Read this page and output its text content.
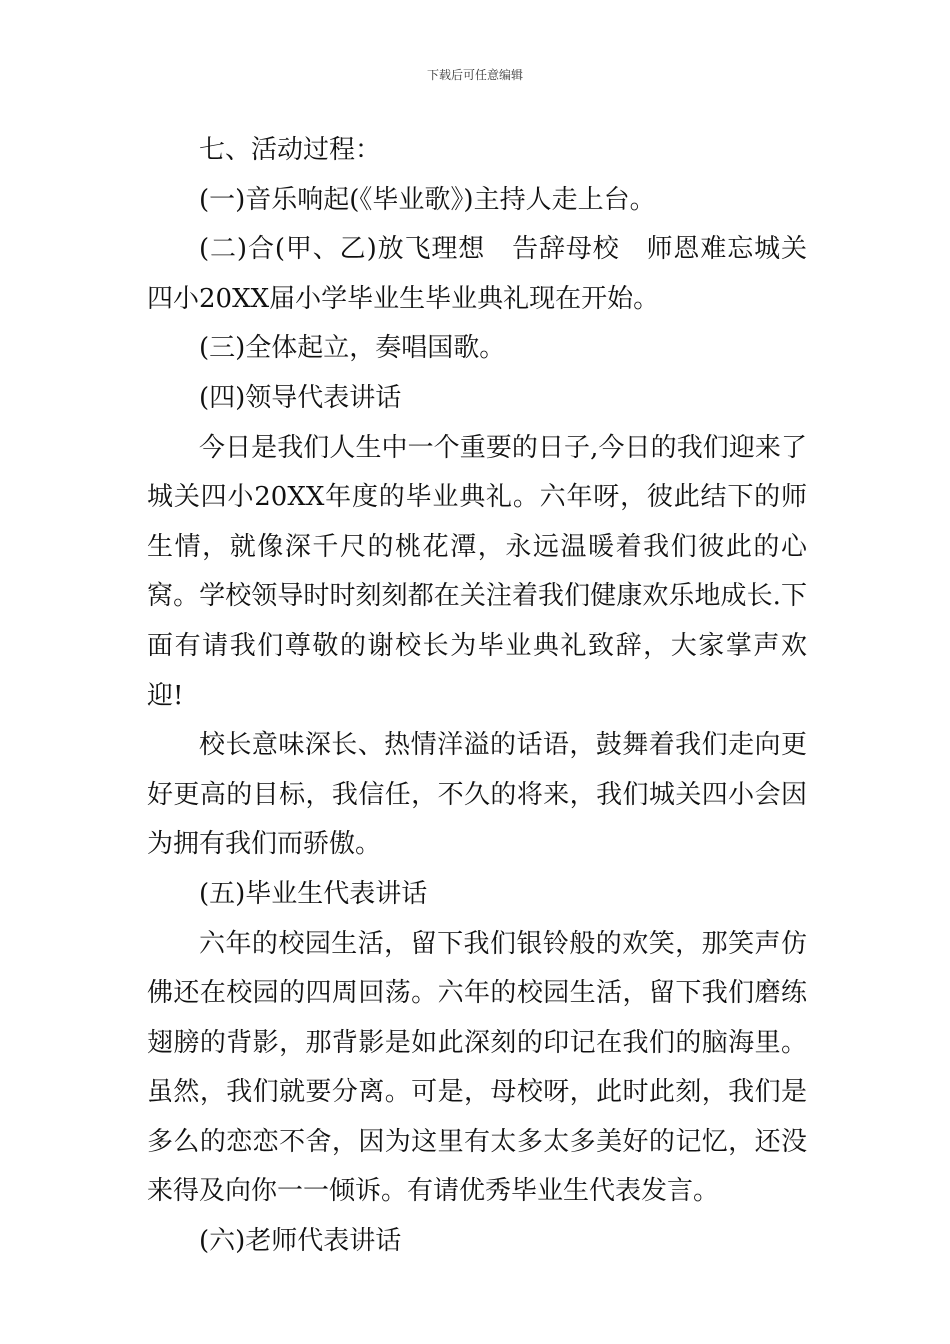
下载后可任意编辑

七、活动过程：

(一)音乐响起(《毕业歌》)主持人走上台。

(二)合(甲、乙)放飞理想　告辞母校　师恩难忘城关四小20XX届小学毕业生毕业典礼现在开始。

(三)全体起立，奏唱国歌。

(四)领导代表讲话

今日是我们人生中一个重要的日子,今日的我们迎来了城关四小20XX年度的毕业典礼。六年呀，彼此结下的师生情，就像深千尺的桃花潭，永远温暖着我们彼此的心窝。学校领导时时刻刻都在关注着我们健康欢乐地成长.下面有请我们尊敬的谢校长为毕业典礼致辞，大家掌声欢迎!

校长意味深长、热情洋溢的话语，鼓舞着我们走向更好更高的目标，我信任，不久的将来，我们城关四小会因为拥有我们而骄傲。

(五)毕业生代表讲话

六年的校园生活，留下我们银铃般的欢笑，那笑声仿佛还在校园的四周回荡。六年的校园生活，留下我们磨练翅膀的背影，那背影是如此深刻的印记在我们的脑海里。虽然，我们就要分离。可是，母校呀，此时此刻，我们是多么的恋恋不舍，因为这里有太多太多美好的记忆，还没来得及向你一一倾诉。有请优秀毕业生代表发言。

(六)老师代表讲话
